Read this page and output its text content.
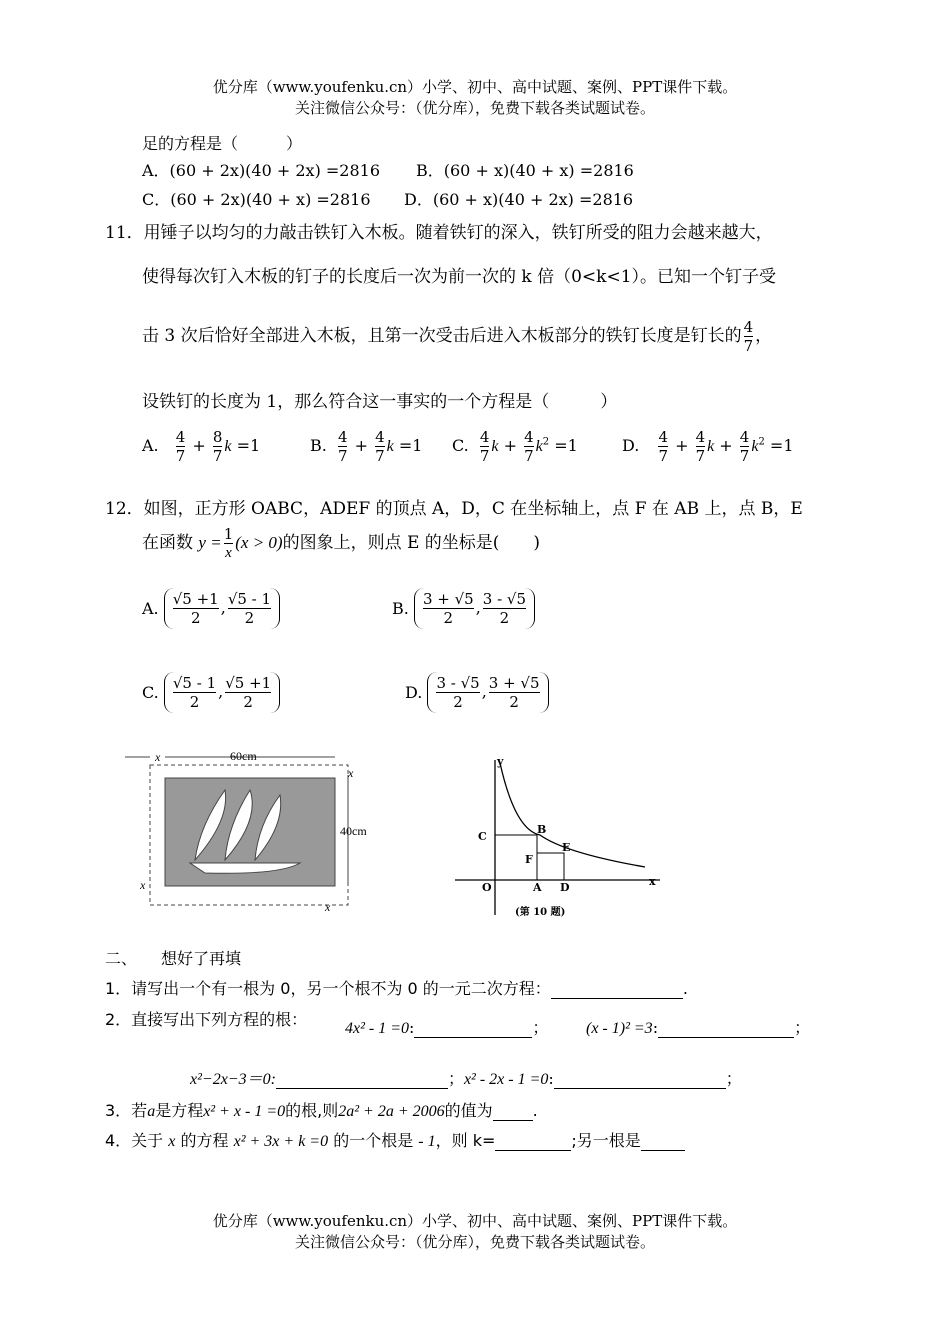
优分库（www.youfenku.cn）小学、初中、高中试题、案例、PPT课件下载。
关注微信公众号：（优分库），免费下载各类试题试卷。
足的方程是（　　　）
A．(60 + 2x)(40 + 2x) =2816 B．(60 + x)(40 + x) =2816
C．(60 + 2x)(40 + x) =2816 D．(60 + x)(40 + 2x) =2816
11．用锤子以均匀的力敲击铁钉入木板。随着铁钉的深入，铁钉所受的阻力会越来越大，
使得每次钉入木板的钉子的长度后一次为前一次的 k 倍（0<k<1）。已知一个钉子受
击 3 次后恰好全部进入木板，且第一次受击后进入木板部分的铁钉长度是钉长的 $\frac{4}{7}$ ，
设铁钉的长度为 1，那么符合这一事实的一个方程是（　　　）
A. $\frac{4}{7} + \frac{8}{7}$ k =1	B. $\frac{4}{7} + \frac{4}{7}$ k =1 C. $\frac{4}{7}$ $k + \frac{4}{7} k^2 =1$	D. $\frac{4}{7} + \frac{4}{7}$ $k + \frac{4}{7} k^2 =1$
12．如图，正方形 OABC，ADEF 的顶点 A，D，C 在坐标轴上，点 F 在 AB 上，点 B，E
在函数 $y = \frac{1}{x} (x > 0)$的图象上，则点 E 的坐标是(　　)
A. $\frac{√5 +1}{2}$ , $\frac{√5 - 1}{2}$	B. $\frac{3 + √5}{2}$ , $\frac{3 - √5}{2}$
C. $\frac{√5 - 1}{2}$ , $\frac{√5 +1}{2}$	D. $\frac{3 - √5}{2}$ , $\frac{3 + √5}{2}$
60cm
x
40cm
x
x
x
y
x
B
C
E
F
O	A D
(第 10 题)
二、　　想好了再填
1．请写出一个有一根为 0，另一个根不为 0 的一元二次方程：	.
2．直接写出下列方程的根： 4x² - 1 =0:	； (x - 1)² =3:	；
x²−2x−3＝0:	；x² - 2x - 1 =0:	；
3．若a是方程x² + x - 1 =0的根,则2a² + 2a + 2006的值为	.
4．关于 x 的方程 x² + 3x + k =0 的一个根是 - 1，则 k=	;另一根是
优分库（www.youfenku.cn）小学、初中、高中试题、案例、PPT课件下载。
关注微信公众号：（优分库），免费下载各类试题试卷。
